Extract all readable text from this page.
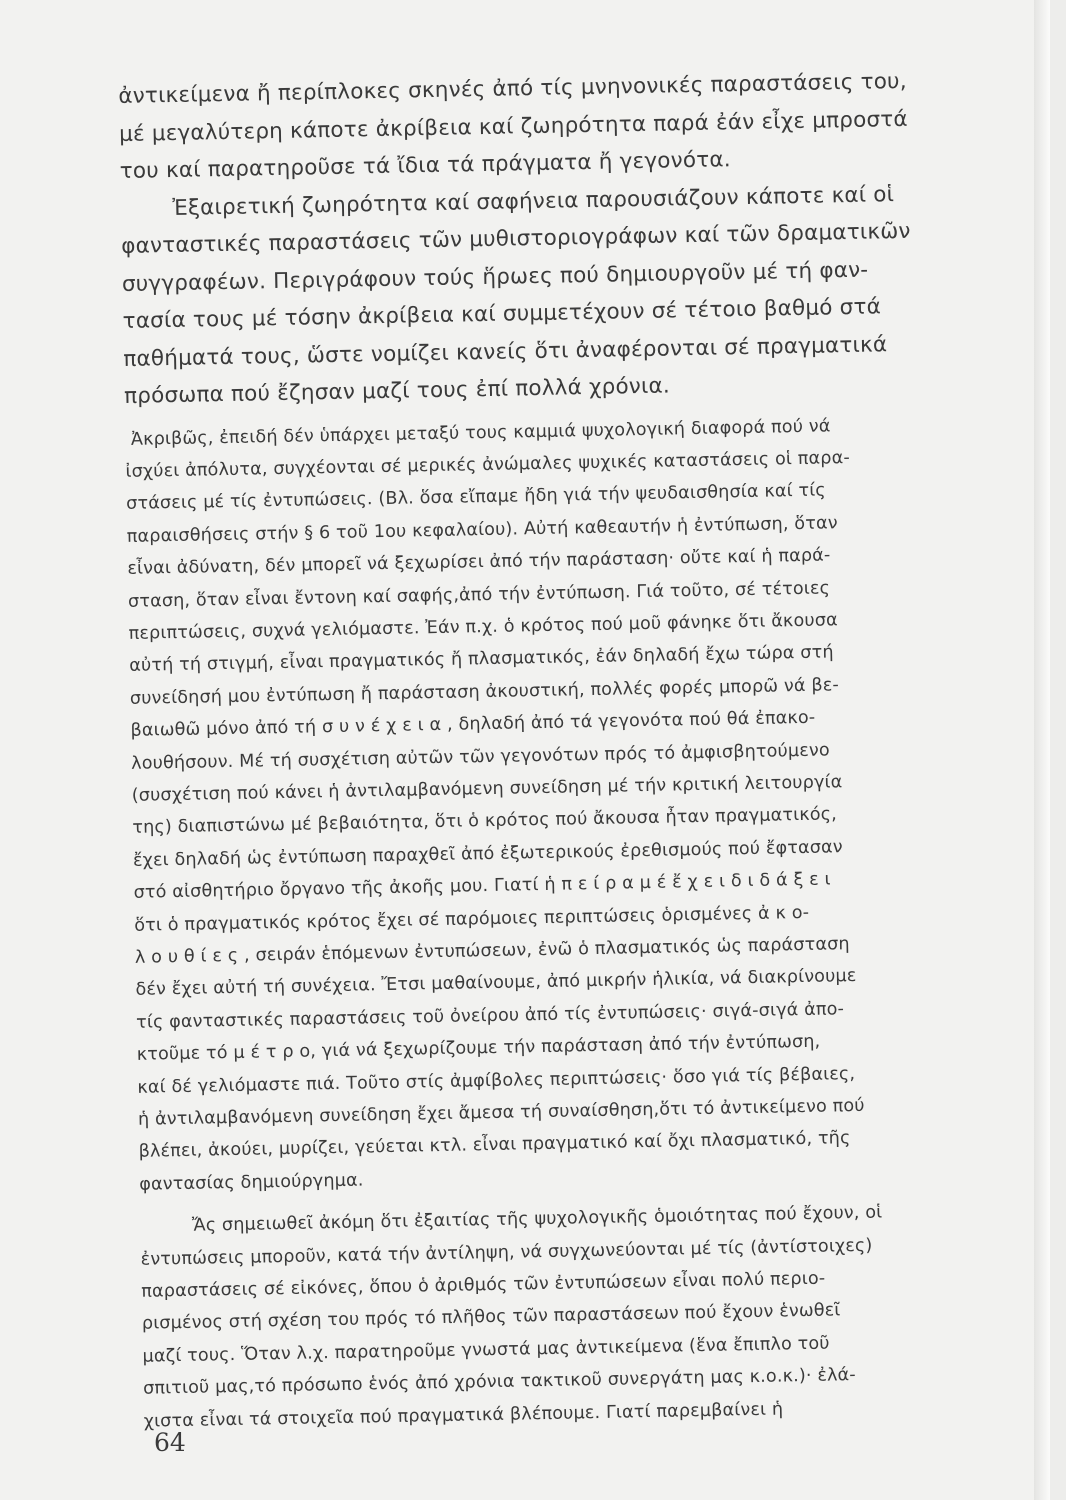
ἀντικείμενα ἤ περίπλοκες σκηνές ἀπό τίς μνηνονικές παραστάσεις του,
μέ μεγαλύτερη κάποτε ἀκρίβεια καί ζωηρότητα παρά ἐάν εἶχε μπροστά
του καί παρατηροῦσε τά ἴδια τά πράγματα ἤ γεγονότα.
Ἐξαιρετική ζωηρότητα καί σαφήνεια παρουσιάζουν κάποτε καί οἱ
φανταστικές παραστάσεις τῶν μυθιστοριογράφων καί τῶν δραματικῶν
συγγραφέων. Περιγράφουν τούς ἥρωες πού δημιουργοῦν μέ τή φαν-
τασία τους μέ τόσην ἀκρίβεια καί συμμετέχουν σέ τέτοιο βαθμό στά
παθήματά τους, ὥστε νομίζει κανείς ὅτι ἀναφέρονται σέ πραγματικά
πρόσωπα πού ἔζησαν μαζί τους ἐπί πολλά χρόνια.
Ἀκριβῶς, ἐπειδή δέν ὑπάρχει μεταξύ τους καμμιά ψυχολογική διαφορά πού νά
ἰσχύει ἀπόλυτα, συγχέονται σέ μερικές ἀνώμαλες ψυχικές καταστάσεις οἱ παρα-
στάσεις μέ τίς ἐντυπώσεις. (Βλ. ὅσα εἴπαμε ἤδη γιά τήν ψευδαισθησία καί τίς
παραισθήσεις στήν § 6 τοῦ 1ου κεφαλαίου). Αὐτή καθεαυτήν ἡ ἐντύπωση, ὅταν
εἶναι ἀδύνατη, δέν μπορεῖ νά ξεχωρίσει ἀπό τήν παράσταση· οὔτε καί ἡ παρά-
σταση, ὅταν εἶναι ἔντονη καί σαφής,ἀπό τήν ἐντύπωση. Γιά τοῦτο, σέ τέτοιες
περιπτώσεις, συχνά γελιόμαστε. Ἐάν π.χ. ὁ κρότος πού μοῦ φάνηκε ὅτι ἄκουσα
αὐτή τή στιγμή, εἶναι πραγματικός ἤ πλασματικός, ἐάν δηλαδή ἔχω τώρα στή
συνείδησή μου ἐντύπωση ἤ παράσταση ἀκουστική, πολλές φορές μπορῶ νά βε-
βαιωθῶ μόνο ἀπό τή σ υ ν έ χ ε ι α , δηλαδή ἀπό τά γεγονότα πού θά ἐπακο-
λουθήσουν. Μέ τή συσχέτιση αὐτῶν τῶν γεγονότων πρός τό ἀμφισβητούμενο
(συσχέτιση πού κάνει ἡ ἀντιλαμβανόμενη συνείδηση μέ τήν κριτική λειτουργία
της) διαπιστώνω μέ βεβαιότητα, ὅτι ὁ κρότος πού ἄκουσα ἦταν πραγματικός,
ἔχει δηλαδή ὡς ἐντύπωση παραχθεῖ ἀπό ἐξωτερικούς ἐρεθισμούς πού ἔφτασαν
στό αἰσθητήριο ὄργανο τῆς ἀκοῆς μου. Γιατί ἡ π ε ί ρ α μ έ ἔ χ ε ι δ ι δ ά ξ ε ι
ὅτι ὁ πραγματικός κρότος ἔχει σέ παρόμοιες περιπτώσεις ὁρισμένες ἀ κ ο-
λ ο υ θ ί ε ς , σειράν ἑπόμενων ἐντυπώσεων, ἐνῶ ὁ πλασματικός ὡς παράσταση
δέν ἔχει αὐτή τή συνέχεια. Ἔτσι μαθαίνουμε, ἀπό μικρήν ἡλικία, νά διακρίνουμε
τίς φανταστικές παραστάσεις τοῦ ὀνείρου ἀπό τίς ἐντυπώσεις· σιγά-σιγά ἀπο-
κτοῦμε τό μ έ τ ρ ο, γιά νά ξεχωρίζουμε τήν παράσταση ἀπό τήν ἐντύπωση,
καί δέ γελιόμαστε πιά. Τοῦτο στίς ἀμφίβολες περιπτώσεις· ὅσο γιά τίς βέβαιες,
ἡ ἀντιλαμβανόμενη συνείδηση ἔχει ἄμεσα τή συναίσθηση,ὅτι τό ἀντικείμενο πού
βλέπει, ἀκούει, μυρίζει, γεύεται κτλ. εἶναι πραγματικό καί ὄχι πλασματικό, τῆς
φαντασίας δημιούργημα.
Ἄς σημειωθεῖ ἀκόμη ὅτι ἐξαιτίας τῆς ψυχολογικῆς ὁμοιότητας πού ἔχουν, οἱ
ἐντυπώσεις μποροῦν, κατά τήν ἀντίληψη, νά συγχωνεύονται μέ τίς (ἀντίστοιχες)
παραστάσεις σέ εἰκόνες, ὅπου ὁ ἀριθμός τῶν ἐντυπώσεων εἶναι πολύ περιο-
ρισμένος στή σχέση του πρός τό πλῆθος τῶν παραστάσεων πού ἔχουν ἑνωθεῖ
μαζί τους. Ὅταν λ.χ. παρατηροῦμε γνωστά μας ἀντικείμενα (ἕνα ἔπιπλο τοῦ
σπιτιοῦ μας,τό πρόσωπο ἑνός ἀπό χρόνια τακτικοῦ συνεργάτη μας κ.ο.κ.)· ἐλά-
χιστα εἶναι τά στοιχεῖα πού πραγματικά βλέπουμε. Γιατί παρεμβαίνει ἡ
64
